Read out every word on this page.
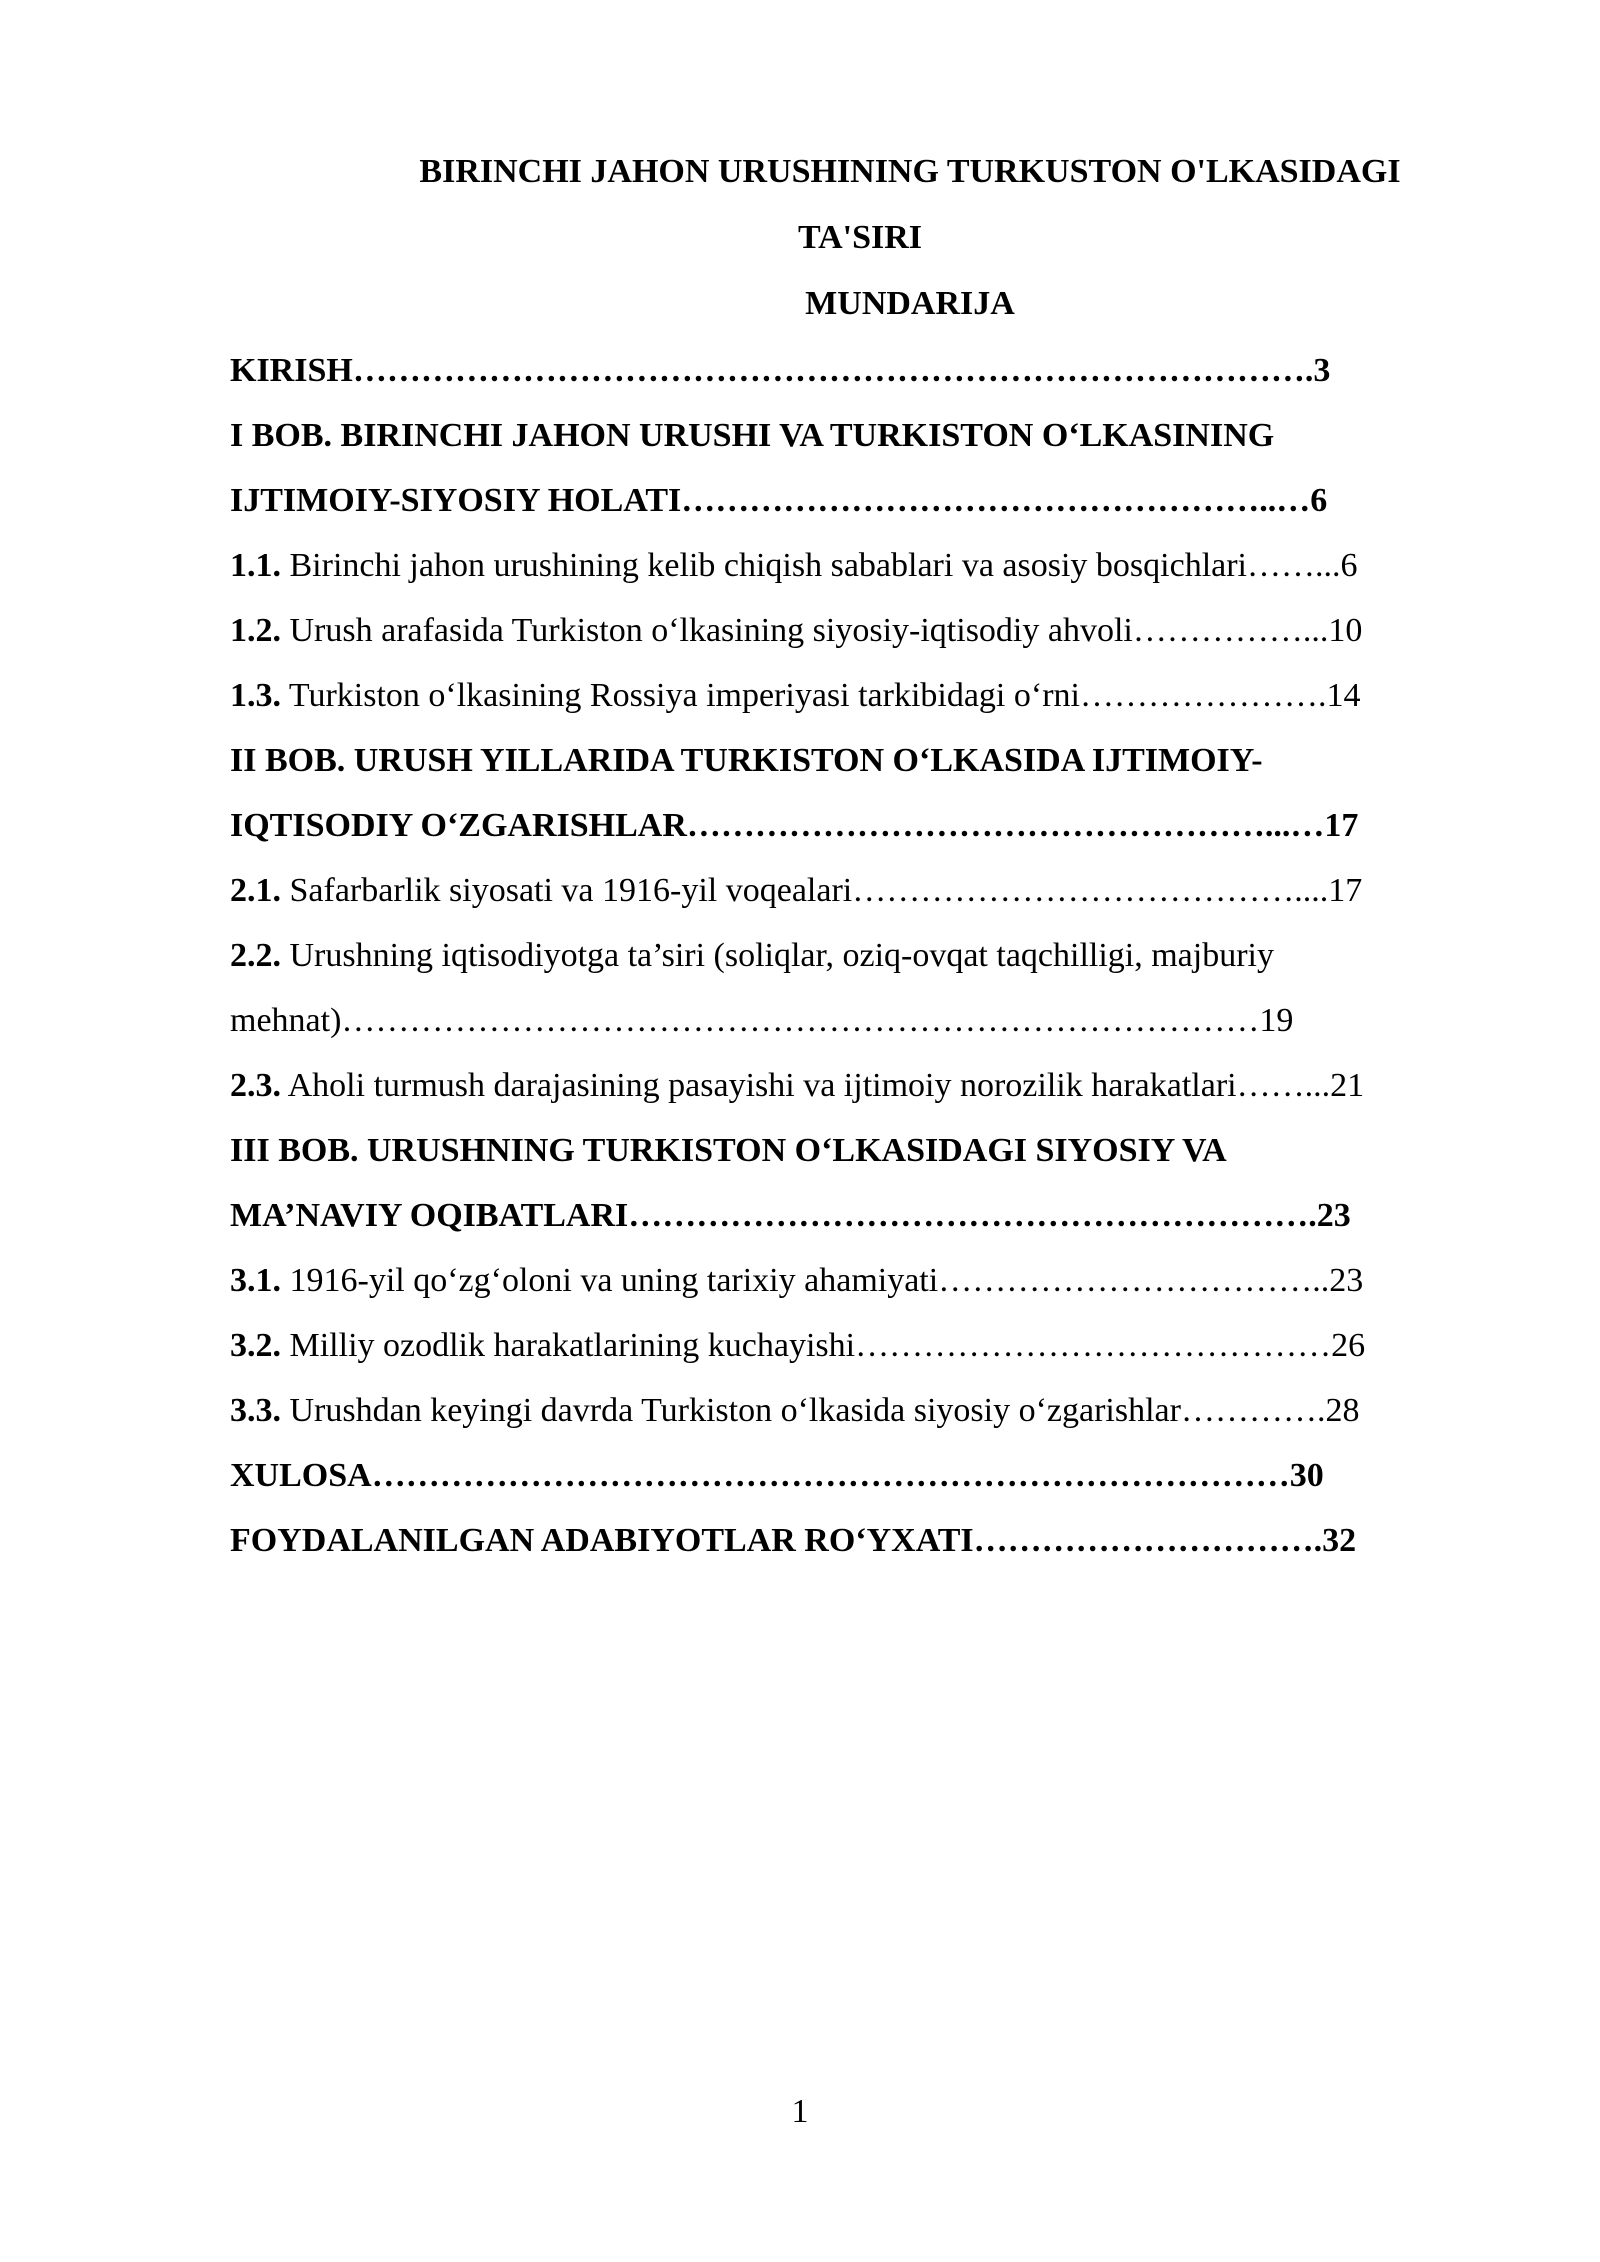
BIRINCHI JAHON URUSHINING TURKUSTON O'LKASIDAGI
TA'SIRI
MUNDARIJA
KIRISH………………………………………………………………………….3
I BOB. BIRINCHI JAHON URUSHI VA TURKISTON O‘LKASINING
IJTIMOIY-SIYOSIY HOLATI……………………………………………..…6
1.1. Birinchi jahon urushining kelib chiqish sabablari va asosiy bosqichlari……...6
1.2. Urush arafasida Turkiston o‘lkasining siyosiy-iqtisodiy ahvoli……………...10
1.3. Turkiston o‘lkasining Rossiya imperiyasi tarkibidagi o‘rni………………….14
II BOB. URUSH YILLARIDA TURKISTON O‘LKASIDA IJTIMOIY-
IQTISODIY O‘ZGARISHLAR……………………………………………...…17
2.1. Safarbarlik siyosati va 1916-yil voqealari…………………………………....17
2.2. Urushning iqtisodiyotga ta’siri (soliqlar, oziq-ovqat taqchilligi, majburiy
mehnat)………………………………………………………………………19
2.3. Aholi turmush darajasining pasayishi va ijtimoiy norozilik harakatlari……...21
III BOB. URUSHNING TURKISTON O‘LKASIDAGI SIYOSIY VA
MA’NAVIY OQIBATLARI…………………………………………………….23
3.1. 1916-yil qo‘zg‘oloni va uning tarixiy ahamiyati……………………………..23
3.2. Milliy ozodlik harakatlarining kuchayishi……………………………………26
3.3. Urushdan keyingi davrda Turkiston o‘lkasida siyosiy o‘zgarishlar………….28
XULOSA………………………………………………………………………30
FOYDALANILGAN ADABIYOTLAR RO‘YXATI………………………….32
1
